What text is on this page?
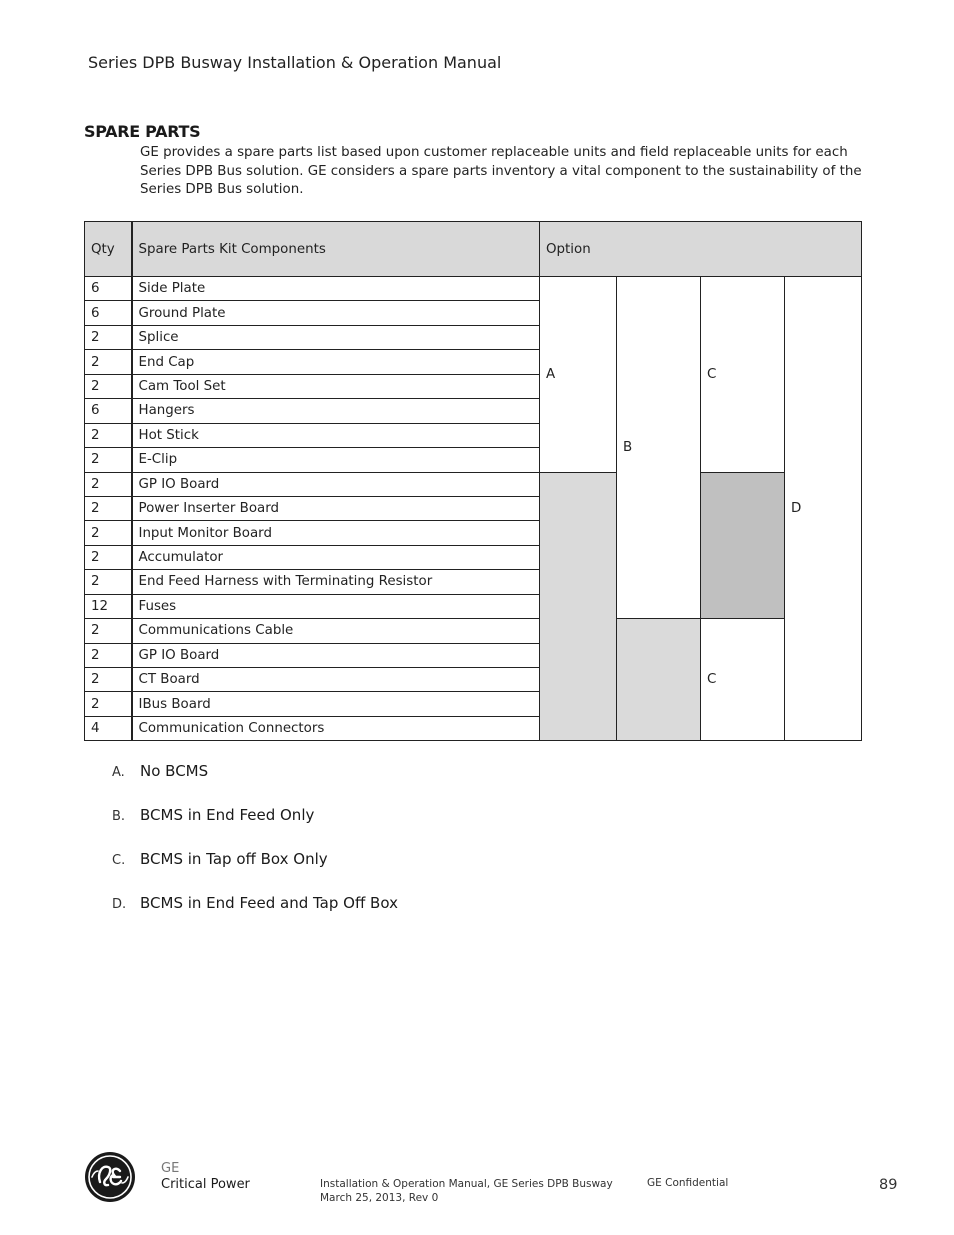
Series DPB Busway Installation & Operation Manual
SPARE PARTS
GE provides a spare parts list based upon customer replaceable units and field replaceable units for each Series DPB Bus solution. GE considers a spare parts inventory a vital component to the sustainability of the Series DPB Bus solution.
Qty	Spare Parts Kit Components	Option			
6	Side Plate	A	B	C	D
6	Ground Plate				
2	Splice				
2	End Cap				
2	Cam Tool Set				
6	Hangers				
2	Hot Stick				
2	E-Clip				
2	GP IO Board				
2	Power Inserter Board				
2	Input Monitor Board				
2	Accumulator				
2	End Feed Harness with Terminating Resistor				
12	Fuses				
2	Communications Cable			C	
2	GP IO Board				
2	CT Board				
2	IBus Board				
4	Communication Connectors				
A.	No BCMS
B. BCMS in End Feed Only
C. BCMS in Tap off Box Only
D. BCMS in End Feed and Tap Off Box
GE
Critical Power	Installation & Operation Manual, GE Series DPB Busway
March 25, 2013, Rev 0
GE Confidential	89
